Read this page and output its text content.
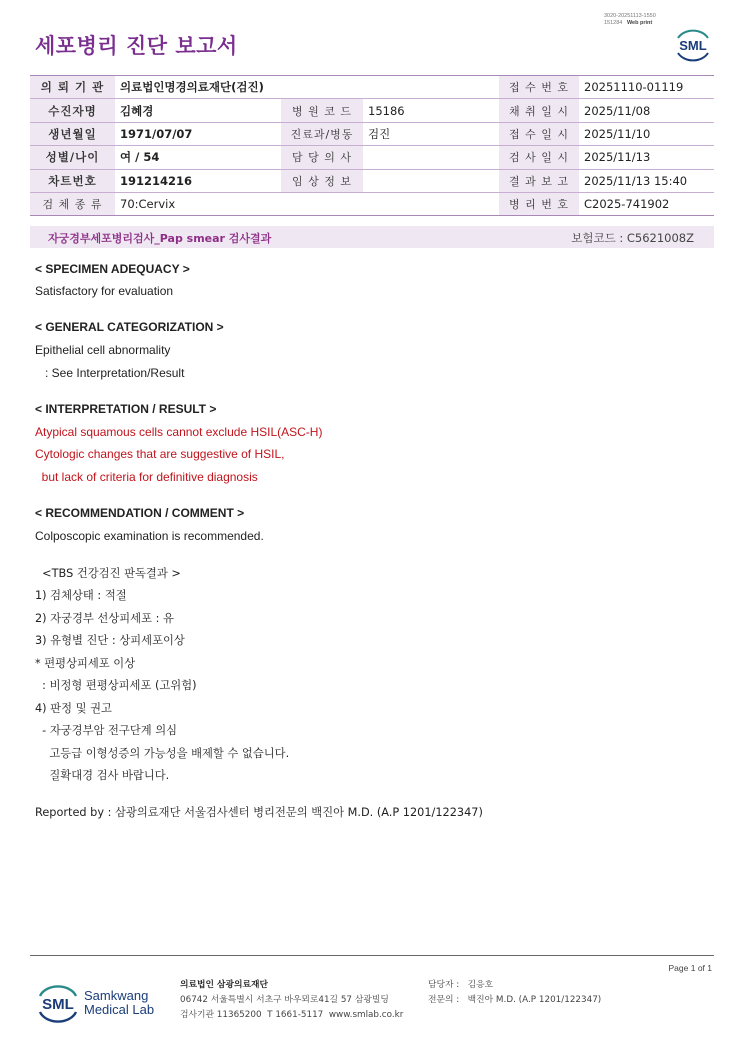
3020-20251113-1550
151284 Web print
세포병리 진단 보고서	SML
의 뢰 기 관	의료법인명경의료재단(검진)			접 수 번 호	20251110-01119
수진자명	김혜경	병 원 코 드	15186	채 취 일 시	2025/11/08
생년월일	1971/07/07	진료과/병동	검진	접 수 일 시	2025/11/10
성별/나이	여 / 54	담 당 의 사		검 사 일 시	2025/11/13
차트번호	191214216	임 상 정 보		결 과 보 고	2025/11/13 15:40
검 체 종 류	70:Cervix			병 리 번 호	C2025-741902
자궁경부세포병리검사_Pap smear 검사결과	보험코드 : C5621008Z
< SPECIMEN ADEQUACY >
Satisfactory for evaluation
< GENERAL CATEGORIZATION >
Epithelial cell abnormality
: See Interpretation/Result
< INTERPRETATION / RESULT >
Atypical squamous cells cannot exclude HSIL(ASC-H)
Cytologic changes that are suggestive of HSIL,
but lack of criteria for definitive diagnosis
< RECOMMENDATION / COMMENT >
Colposcopic examination is recommended.
<TBS 건강검진 판독결과 >
1) 검체상태 : 적절
2) 자궁경부 선상피세포 : 유
3) 유형별 진단 : 상피세포이상
* 편평상피세포 이상
: 비정형 편평상피세포 (고위험)
4) 판정 및 권고
- 자궁경부암 전구단계 의심
고등급 이형성증의 가능성을 배제할 수 없습니다.
질확대경 검사 바랍니다.
Reported by : 삼광의료재단 서울검사센터 병리전문의 백진아 M.D. (A.P 1201/122347)
Page 1 of 1
SML
Samkwang
Medical Lab
의료법인 삼광의료재단
06742 서울특별시 서초구 바우뫼로41길 57 삼광빌딩
검사기관 11365200  T 1661-5117  www.smlab.co.kr
담당자 :   김응호
전문의 :   백진아 M.D. (A.P 1201/122347)
